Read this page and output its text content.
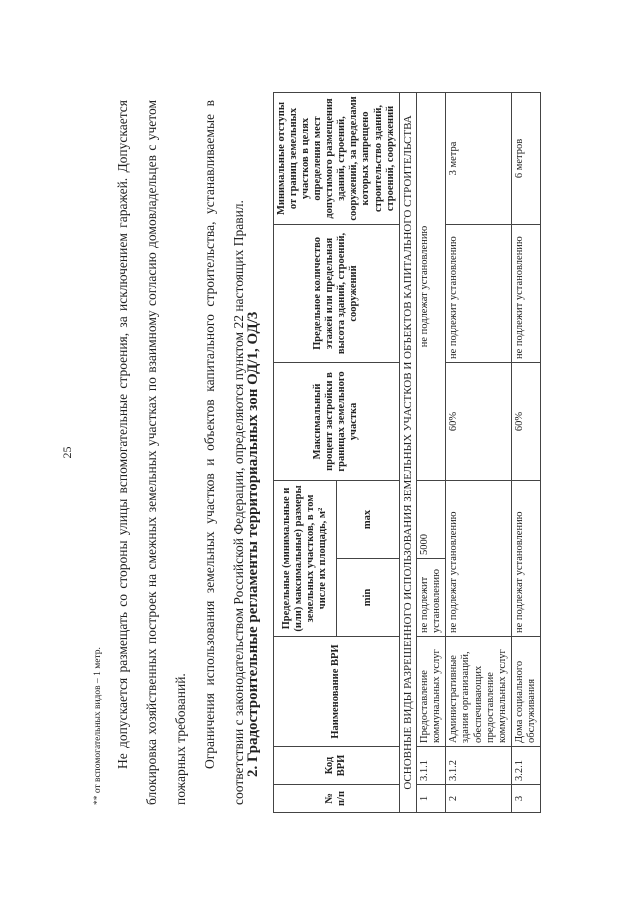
25
** от вспомогательных видов – 1 метр. Не допускается размещать со стороны улицы вспомогательные строения, за исключением гаражей. Допускается блокировка хозяйственных построек на смежных земельных участках по взаимному согласию домовладельцев с учетом пожарных требований.	Ограничения использования земельных участков и объектов капитального строительства, устанавливаемые в соответствии с законодательством Российской Федерации, определяются пунктом 22 настоящих Правил. 2. Градостроительные регламенты территориальных зон ОД/1, ОД/3
№ п/п	Код ВРИ	Наименование ВРИ	Предельные (минимальные и (или) максимальные) размеры земельных участков, в том числе их площадь, м²		Максимальный процент застройки в границах земельного участка	Предельное количество этажей или предельная высота зданий, строений, сооружений	Минимальные отступы от границ земельных участков в целях определения мест допустимого размещения зданий, строений, сооружений, за пределами которых запрещено строительство зданий, строений, сооружений
			min	max			
ОСНОВНЫЕ ВИДЫ РАЗРЕШЕННОГО ИСПОЛЬЗОВАНИЯ ЗЕМЕЛЬНЫХ УЧАСТКОВ И ОБЪЕКТОВ КАПИТАЛЬНОГО СТРОИТЕЛЬСТВА							
1	3.1.1	Предоставление коммунальных услуг	не подлежит установлению	5000	не подлежат установлению		
2	3.1.2	Административные здания организаций, обеспечивающих предоставление коммунальных услуг	не подлежат установлению		60%	не подлежит установлению	3 метра
3	3.2.1	Дома социального обслуживания	не подлежат установлению		60%	не подлежит установлению	6 метров
